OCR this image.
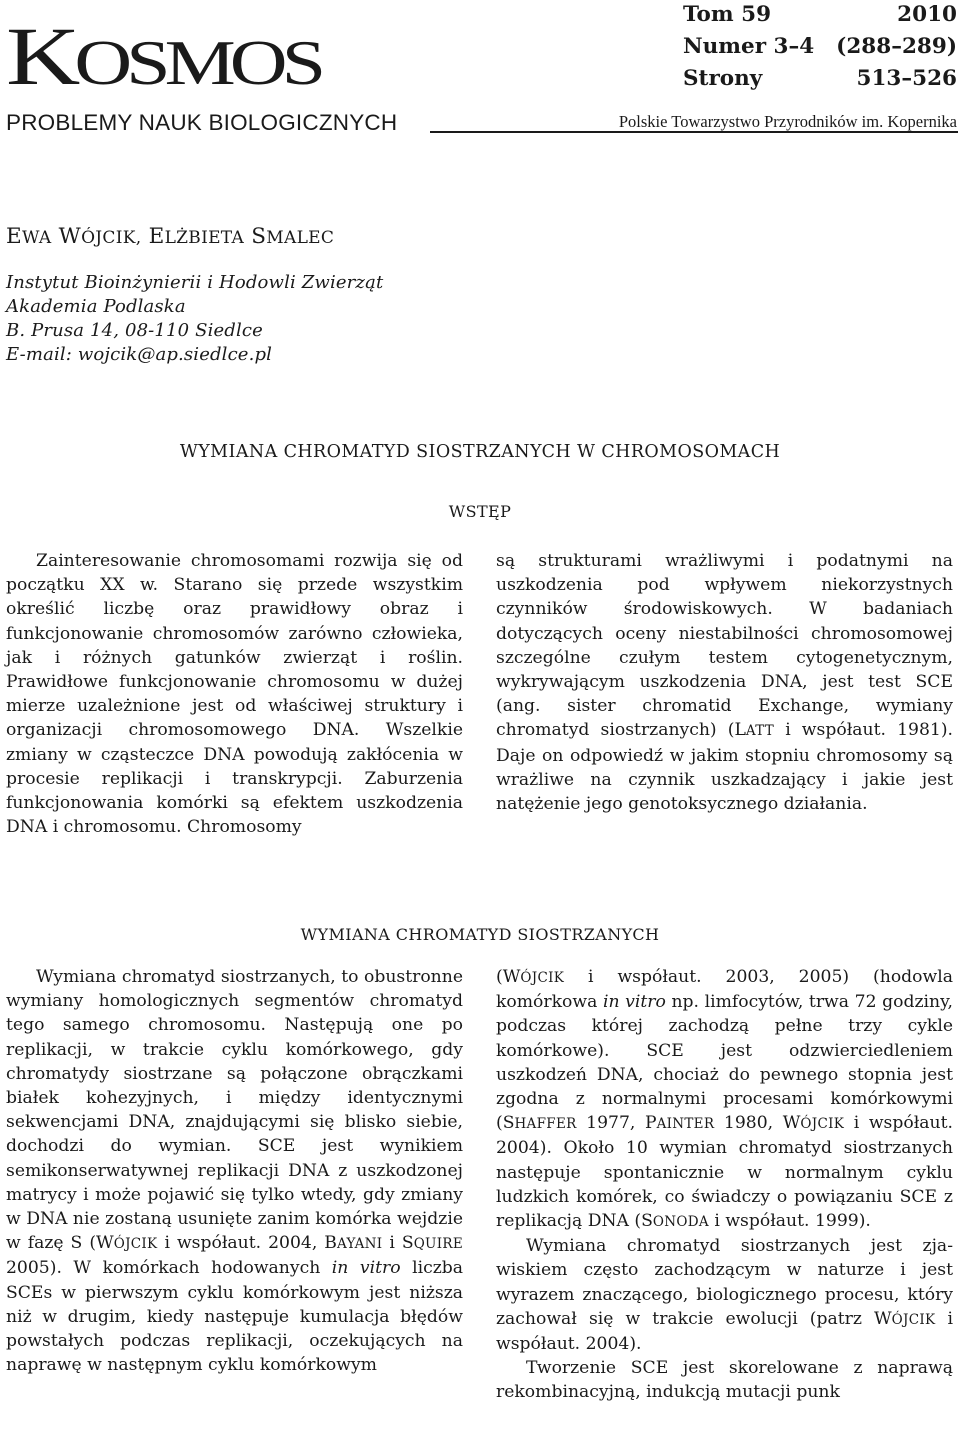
KOSMOS
PROBLEMY NAUK BIOLOGICZNYCH
Tom 59	2010
Numer 3–4 (288–289)
Strony	513–526
Polskie Towarzystwo Przyrodników im. Kopernika
EWA WÓJCIK, ELŻBIETA SMALEC
Instytut Bioinżynierii i Hodowli Zwierząt
Akademia Podlaska
B. Prusa 14, 08-110 Siedlce
E-mail: wojcik@ap.siedlce.pl
WYMIANA CHROMATYD SIOSTRZANYCH W CHROMOSOMACH
WSTĘP

Zainteresowanie chromosomami rozwija się od początku XX w. Starano się przede wszystkim określić liczbę oraz prawidłowy obraz i funkcjonowanie chromosomów zarówno człowieka, jak i różnych gatunków zwierząt i roślin. Prawidłowe funkcjonowanie chromosomu w dużej mierze uzależnione jest od właściwej struktury i organizacji chromosomowego DNA. Wszelkie zmiany w cząsteczce DNA powodują zakłócenia w procesie replikacji i transkrypcji. Zaburzenia funkcjonowania komórki są efektem uszkodzenia DNA i chromosomu. Chromosomy

są strukturami wrażliwymi i podatnymi na uszkodzenia pod wpływem niekorzystnych czynników środowiskowych. W badaniach dotyczących oceny niestabilności chromosomowej szczególne czułym testem cytogenetycznym, wykrywającym uszkodzenia DNA, jest test SCE (ang. sister chromatid Exchange, wymiany chromatyd siostrzanych) (LATT i współaut. 1981). Daje on odpowiedź w jakim stopniu chromosomy są wrażliwe na czynnik uszkadzający i jakie jest natężenie jego genotoksycznego działania.

WYMIANA CHROMATYD SIOSTRZANYCH

Wymiana chromatyd siostrzanych, to obustronne wymiany homologicznych segmentów chromatyd tego samego chromosomu. Następują one po replikacji, w trakcie cyklu komórkowego, gdy chromatydy siostrzane są połączone obrączkami białek kohezyjnych, i między identycznymi sekwencjami DNA, znajdującymi się blisko siebie, dochodzi do wymian. SCE jest wynikiem semikonserwatywnej replikacji DNA z uszkodzonej matrycy i może pojawić się tylko wtedy, gdy zmiany w DNA nie zostaną usunięte zanim komórka wejdzie w fazę S (WÓJCIK i współaut. 2004, BAYANI i SQUIRE 2005). W komórkach hodowanych in vitro liczba SCEs w pierwszym cyklu komórkowym jest niższa niż w drugim, kiedy następuje kumulacja błędów powstałych podczas replikacji, oczekujących na naprawę w następnym cyklu komórkowym

(WÓJCIK i współaut. 2003, 2005) (hodowla komórkowa in vitro np. limfocytów, trwa 72 godziny, podczas której zachodzą pełne trzy cykle komórkowe). SCE jest odzwierciedleniem uszkodzeń DNA, chociaż do pewnego stopnia jest zgodna z normalnymi procesami komórkowymi (SHAFFER 1977, PAINTER 1980, WÓJCIK i współaut. 2004). Około 10 wymian chromatyd siostrzanych następuje spontanicznie w normalnym cyklu ludzkich komórek, co świadczy o powiązaniu SCE z replikacją DNA (SONODA i współaut. 1999).

Wymiana chromatyd siostrzanych jest zjawiskiem często zachodzącym w naturze i jest wyrazem znaczącego, biologicznego procesu, który zachował się w trakcie ewolucji (patrz WÓJCIK i współaut. 2004).

Tworzenie SCE jest skorelowane z naprawą rekombinacyjną, indukcją mutacji punk
